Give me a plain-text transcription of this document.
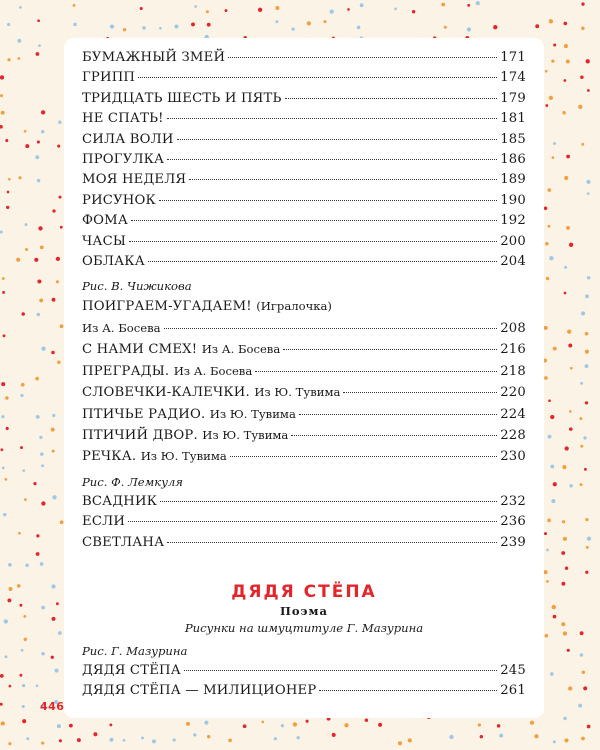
БУМАЖНЫЙ ЗМЕЙ	171
ГРИПП	174
ТРИДЦАТЬ ШЕСТЬ И ПЯТЬ	179
НЕ СПАТЬ!	181
СИЛА ВОЛИ	185
ПРОГУЛКА	186
МОЯ НЕДЕЛЯ	189
РИСУНОК	190
ФОМА	192
ЧАСЫ	200
ОБЛАКА	204
Рис. В. Чижикова
ПОИГРАЕМ-УГАДАЕМ! (Игралочка)
Из А. Босева	208
С НАМИ СМЕХ! Из А. Босева	216
ПРЕГРАДЫ. Из А. Босева	218
СЛОВЕЧКИ-КАЛЕЧКИ. Из Ю. Тувима	220
ПТИЧЬЕ РАДИО. Из Ю. Тувима	224
ПТИЧИЙ ДВОР. Из Ю. Тувима	228
РЕЧКА. Из Ю. Тувима	230
Рис. Ф. Лемкуля
ВСАДНИК	232
ЕСЛИ	236
СВЕТЛАНА	239
ДЯДЯ СТЁПА
Поэма
Рисунки на шмуцтитуле Г. Мазурина
Рис. Г. Мазурина
ДЯДЯ СТЁПА	245
ДЯДЯ СТЁПА — МИЛИЦИОНЕР	261
446
